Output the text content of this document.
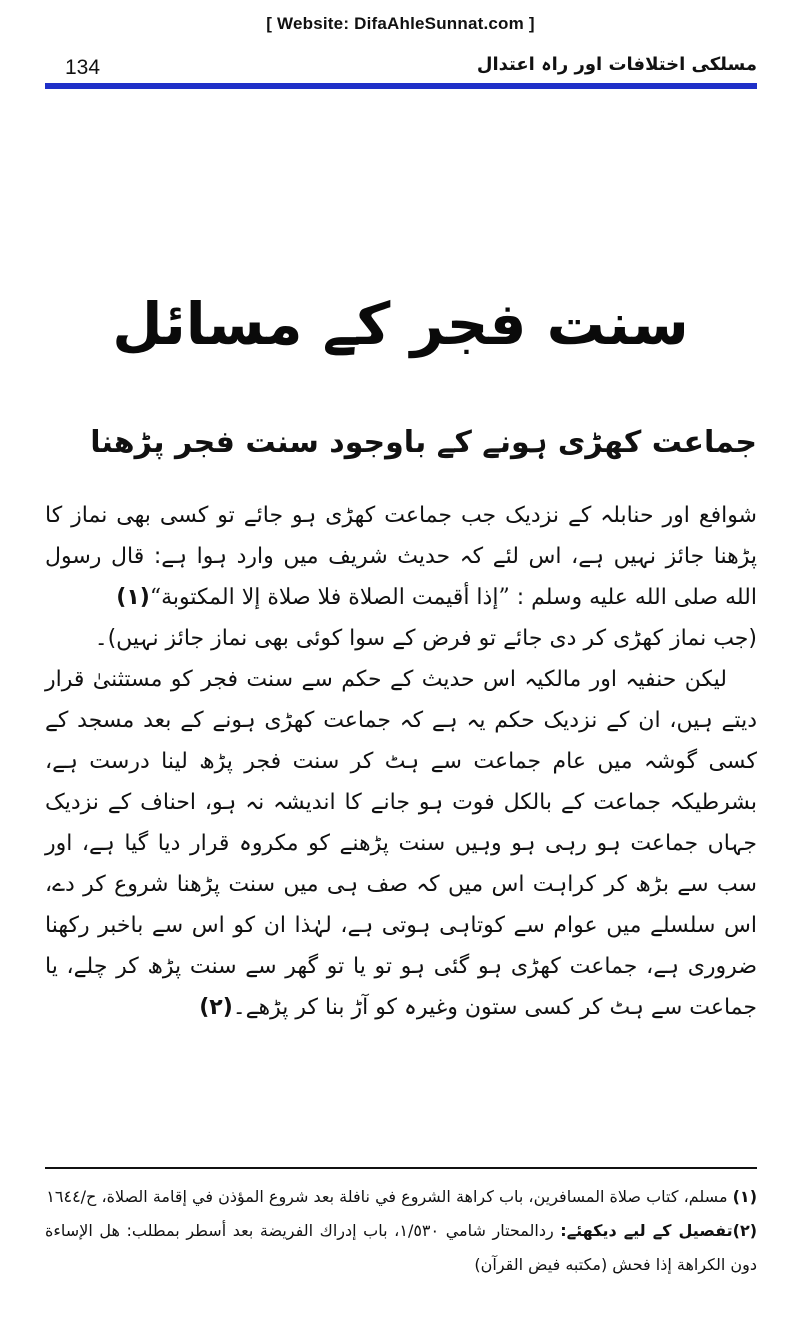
[ Website: DifaAhleSunnat.com ]
134	مسلکی اختلافات اور راہ اعتدال
سنت فجر کے مسائل
جماعت کھڑی ہونے کے باوجود سنت فجر پڑھنا

شوافع اور حنابلہ کے نزدیک جب جماعت کھڑی ہو جائے تو کسی بھی نماز کا پڑھنا جائز نہیں ہے، اس لئے کہ حدیث شریف میں وارد ہوا ہے: قال رسول الله صلى الله عليه وسلم : ”إذا أقيمت الصلاة فلا صلاة إلا المكتوبة“(۱)

(جب نماز کھڑی کر دی جائے تو فرض کے سوا کوئی بھی نماز جائز نہیں)۔

لیکن حنفیہ اور مالکیہ اس حدیث کے حکم سے سنت فجر کو مستثنیٰ قرار دیتے ہیں، ان کے نزدیک حکم یہ ہے کہ جماعت کھڑی ہونے کے بعد مسجد کے کسی گوشہ میں عام جماعت سے ہٹ کر سنت فجر پڑھ لینا درست ہے، بشرطیکہ جماعت کے بالکل فوت ہو جانے کا اندیشہ نہ ہو، احناف کے نزدیک جہاں جماعت ہو رہی ہو وہیں سنت پڑھنے کو مکروہ قرار دیا گیا ہے، اور سب سے بڑھ کر کراہت اس میں کہ صف ہی میں سنت پڑھنا شروع کر دے، اس سلسلے میں عوام سے کوتاہی ہوتی ہے، لہٰذا ان کو اس سے باخبر رکھنا ضروری ہے، جماعت کھڑی ہو گئی ہو تو یا تو گھر سے سنت پڑھ کر چلے، یا جماعت سے ہٹ کر کسی ستون وغیرہ کو آڑ بنا کر پڑھے۔(۲)

(۱) مسلم، كتاب صلاة المسافرين، باب كراهة الشروع في نافلة بعد شروع المؤذن في إقامة الصلاة، ح/١٦٤٤

(۲)تفصیل کے لیے دیکھئے: ردالمحتار شامي ١/٥٣٠، باب إدراك الفريضة بعد أسطر بمطلب: هل الإساءة دون الكراهة إذا فحش (مكتبه فيض القرآن)
